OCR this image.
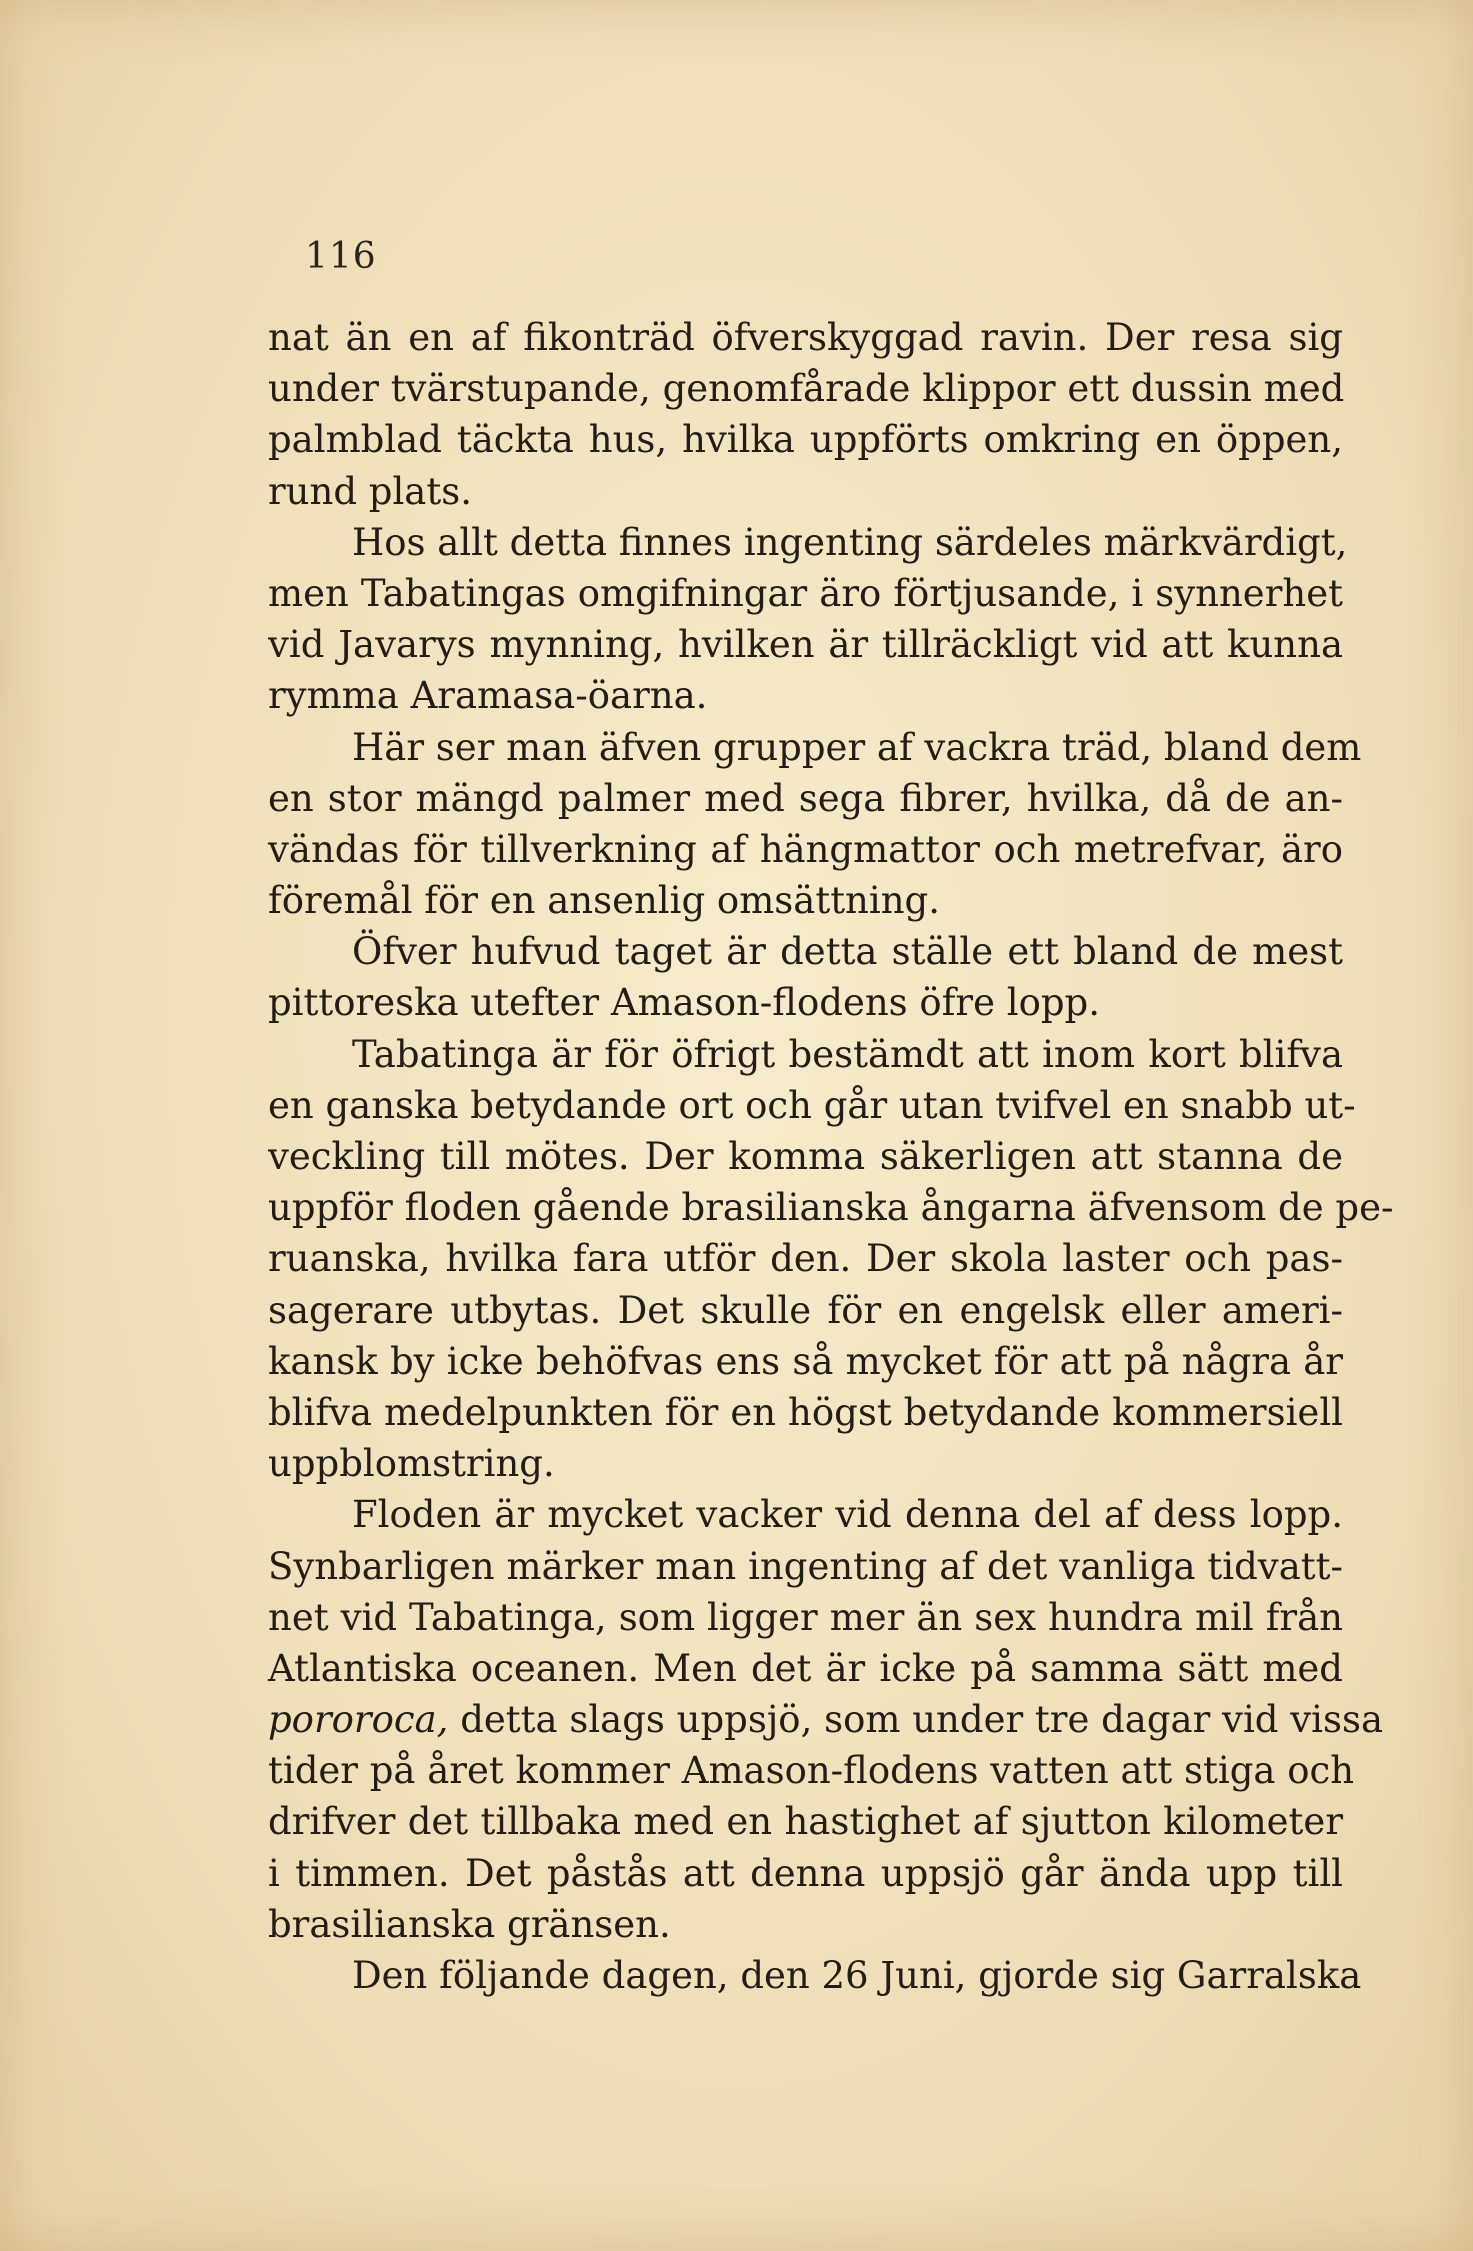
116
nat än en af fikonträd öfverskyggad ravin. Der resa sig
under tvärstupande, genomfårade klippor ett dussin med
palmblad täckta hus, hvilka uppförts omkring en öppen,
rund plats.
Hos allt detta finnes ingenting särdeles märkvärdigt,
men Tabatingas omgifningar äro förtjusande, i synnerhet
vid Javarys mynning, hvilken är tillräckligt vid att kunna
rymma Aramasa-öarna.
Här ser man äfven grupper af vackra träd, bland dem
en stor mängd palmer med sega fibrer, hvilka, då de an-
vändas för tillverkning af hängmattor och metrefvar, äro
föremål för en ansenlig omsättning.
Öfver hufvud taget är detta ställe ett bland de mest
pittoreska utefter Amason-flodens öfre lopp.
Tabatinga är för öfrigt bestämdt att inom kort blifva
en ganska betydande ort och går utan tvifvel en snabb ut-
veckling till mötes. Der komma säkerligen att stanna de
uppför floden gående brasilianska ångarna äfvensom de pe-
ruanska, hvilka fara utför den. Der skola laster och pas-
sagerare utbytas. Det skulle för en engelsk eller ameri-
kansk by icke behöfvas ens så mycket för att på några år
blifva medelpunkten för en högst betydande kommersiell
uppblomstring.
Floden är mycket vacker vid denna del af dess lopp.
Synbarligen märker man ingenting af det vanliga tidvatt-
net vid Tabatinga, som ligger mer än sex hundra mil från
Atlantiska oceanen. Men det är icke på samma sätt med
pororoca, detta slags uppsjö, som under tre dagar vid vissa
tider på året kommer Amason-flodens vatten att stiga och
drifver det tillbaka med en hastighet af sjutton kilometer
i timmen. Det påstås att denna uppsjö går ända upp till
brasilianska gränsen.
Den följande dagen, den 26 Juni, gjorde sig Garralska
